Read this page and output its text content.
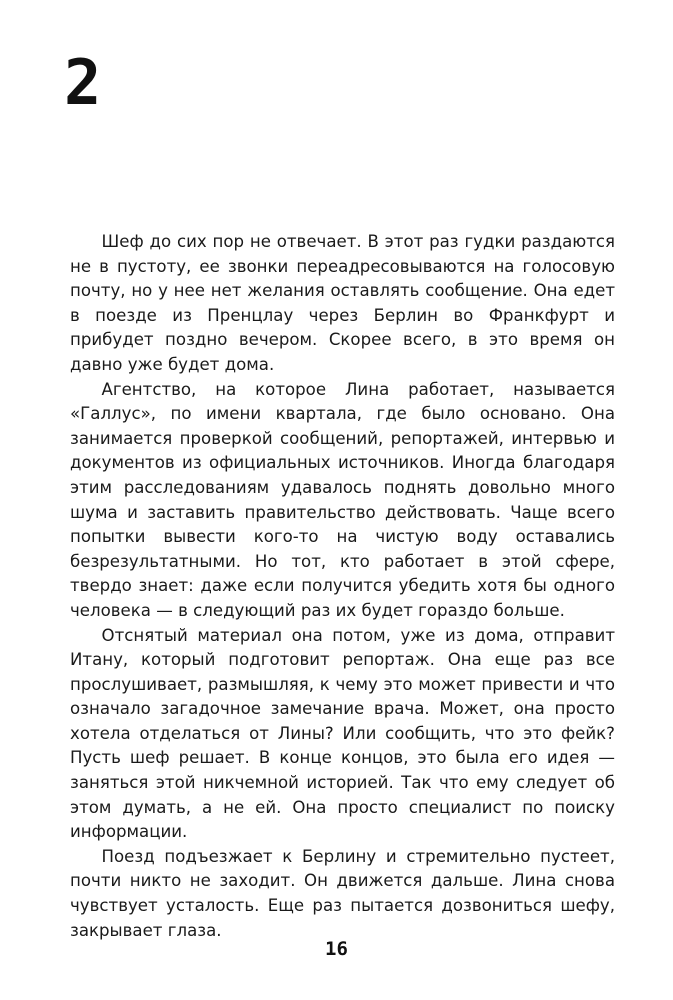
2

Шеф до сих пор не отвечает. В этот раз гудки раздаются не в пустоту, ее звонки переадресовываются на голосовую почту, но у нее нет желания оставлять сообщение. Она едет в поезде из Пренцлау через Берлин во Франкфурт и прибудет поздно вечером. Скорее всего, в это время он давно уже будет дома.

Агентство, на которое Лина работает, называется «Галлус», по имени квартала, где было основано. Она занимается проверкой сообщений, репортажей, интервью и документов из официальных источников. Иногда благодаря этим расследованиям удавалось поднять довольно много шума и заставить правительство действовать. Чаще всего попытки вывести кого-то на чистую воду оставались безрезультатными. Но тот, кто работает в этой сфере, твердо знает: даже если получится убедить хотя бы одного человека — в следующий раз их будет гораздо больше.

Отснятый материал она потом, уже из дома, отправит Итану, который подготовит репортаж. Она еще раз все прослушивает, размышляя, к чему это может привести и что означало загадочное замечание врача. Может, она просто хотела отделаться от Лины? Или сообщить, что это фейк? Пусть шеф решает. В конце концов, это была его идея — заняться этой никчемной историей. Так что ему следует об этом думать, а не ей. Она просто специалист по поиску информации.

Поезд подъезжает к Берлину и стремительно пустеет, почти никто не заходит. Он движется дальше. Лина снова чувствует усталость. Еще раз пытается дозвониться шефу, закрывает глаза.

16
